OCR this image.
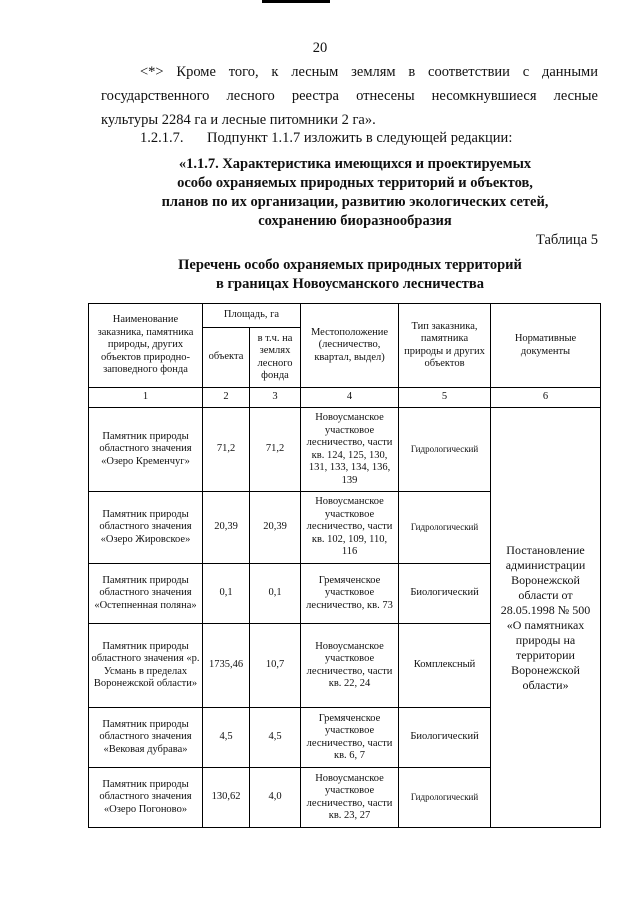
20
<*> Кроме того, к лесным землям в соответствии с данными
государственного лесного реестра отнесены несомкнувшиеся лесные
культуры 2284 га и лесные питомники 2 га».
1.2.1.7. Подпункт 1.1.7 изложить в следующей редакции:
«1.1.7. Характеристика имеющихся и проектируемых
особо охраняемых природных территорий и объектов,
планов по их организации, развитию экологических сетей,
сохранению биоразнообразия
Таблица 5
Перечень особо охраняемых природных территорий
в границах Новоусманского лесничества
Наименование заказника, памятника природы, других объектов природно-заповедного фонда	Площадь, га		Местоположение (лесничество, квартал, выдел)	Тип заказника, памятника природы и других объектов	Нормативные документы
	объекта	в т.ч. на землях лесного фонда			
1	2	3	4	5	6
Памятник природы областного значения «Озеро Кременчуг»	71,2	71,2	Новоусманское участковое лесничество, части кв. 124, 125, 130, 131, 133, 134, 136, 139	Гидрологический	Постановление администрации Воронежской области от 28.05.1998 № 500 «О памятниках природы на территории Воронежской области»
Памятник природы областного значения «Озеро Жировское»	20,39	20,39	Новоусманское участковое лесничество, части кв. 102, 109, 110, 116	Гидрологический	
Памятник природы областного значения «Остепненная поляна»	0,1	0,1	Гремяченское участковое лесничество, кв. 73	Биологический	
Памятник природы областного значения «р. Усмань в пределах Воронежской области»	1735,46	10,7	Новоусманское участковое лесничество, части кв. 22, 24	Комплексный	
Памятник природы областного значения «Вековая дубрава»	4,5	4,5	Гремяченское участковое лесничество, части кв. 6, 7	Биологический	
Памятник природы областного значения «Озеро Погоново»	130,62	4,0	Новоусманское участковое лесничество, части кв. 23, 27	Гидрологический	
